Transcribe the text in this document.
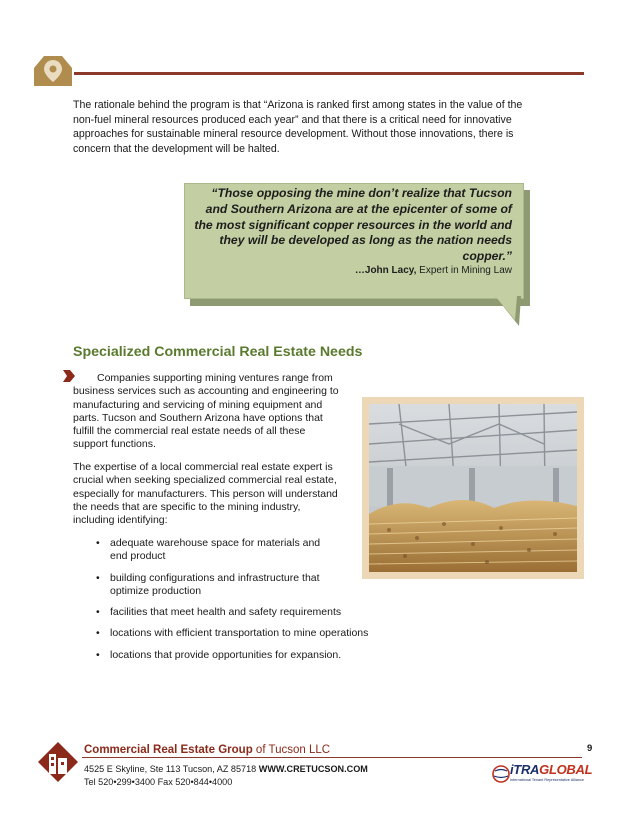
The rationale behind the program is that “Arizona is ranked first among states in the value of the non-fuel mineral resources produced each year” and that there is a critical need for innovative approaches for sustainable mineral resource development. Without those innovations, there is concern that the development will be halted.
“Those opposing the mine don’t realize that Tucson and Southern Arizona are at the epicenter of some of the most significant copper resources in the world and they will be developed as long as the nation needs copper.”
…John Lacy, Expert in Mining Law
Specialized Commercial Real Estate Needs
Companies supporting mining ventures range from business services such as accounting and engineering to manufacturing and servicing of mining equipment and parts. Tucson and Southern Arizona have options that fulfill the commercial real estate needs of all these support functions.
The expertise of a local commercial real estate expert is crucial when seeking specialized commercial real estate, especially for manufacturers. This person will understand the needs that are specific to the mining industry, including identifying:
• adequate warehouse space for materials and end product
• building configurations and infrastructure that optimize production
• facilities that meet health and safety requirements
• locations with efficient transportation to mine operations
• locations that provide opportunities for expansion.
Commercial Real Estate Group of Tucson LLC
4525 E Skyline, Ste 113 Tucson, AZ 85718 WWW.CRETUCSON.COM
Tel 520•299•3400 Fax 520•844•4000
9
iTRAGLOBAL
International Tenant Representative Alliance
